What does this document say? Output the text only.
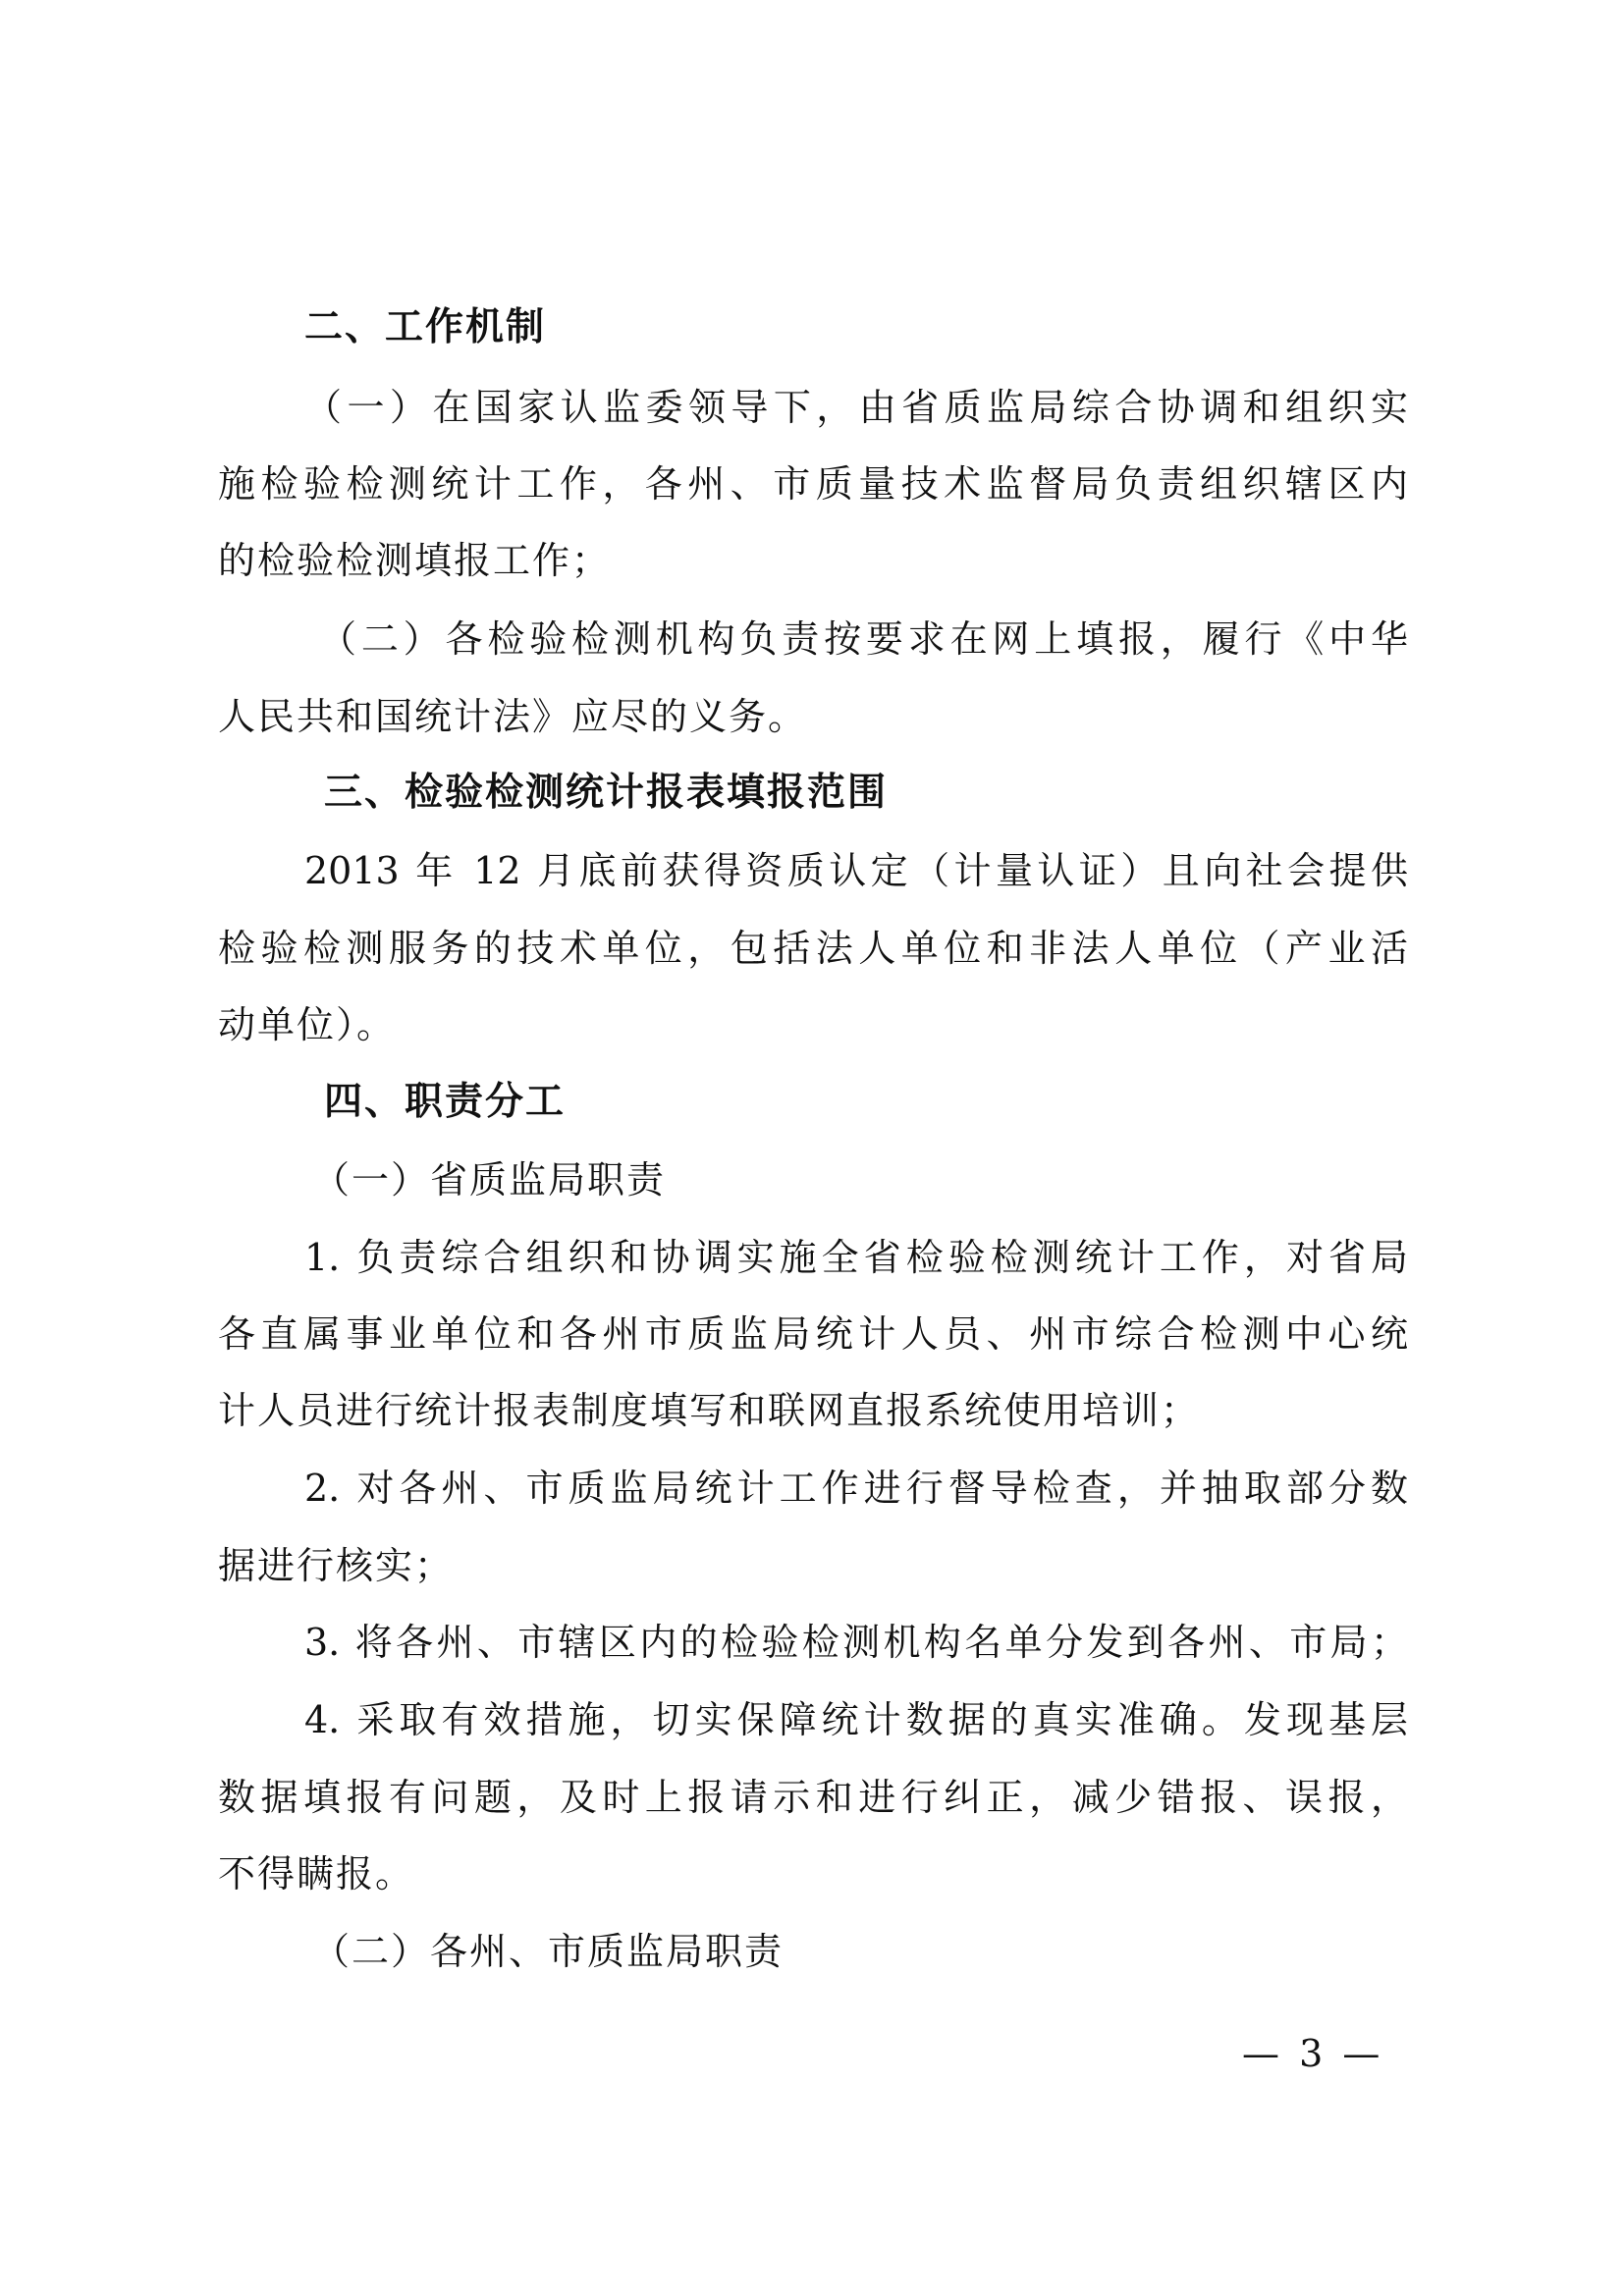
二、工作机制
（一）在国家认监委领导下，由省质监局综合协调和组织实
施检验检测统计工作，各州、市质量技术监督局负责组织辖区内
的检验检测填报工作；
（二）各检验检测机构负责按要求在网上填报，履行《中华
人民共和国统计法》应尽的义务。
三、检验检测统计报表填报范围
2013 年 12 月底前获得资质认定（计量认证）且向社会提供
检验检测服务的技术单位，包括法人单位和非法人单位（产业活
动单位）。
四、职责分工
（一）省质监局职责
1. 负责综合组织和协调实施全省检验检测统计工作，对省局
各直属事业单位和各州市质监局统计人员、州市综合检测中心统
计人员进行统计报表制度填写和联网直报系统使用培训；
2. 对各州、市质监局统计工作进行督导检查，并抽取部分数
据进行核实；
3. 将各州、市辖区内的检验检测机构名单分发到各州、市局；
4. 采取有效措施，切实保障统计数据的真实准确。发现基层
数据填报有问题，及时上报请示和进行纠正，减少错报、误报，
不得瞒报。
（二）各州、市质监局职责
— 3 —
